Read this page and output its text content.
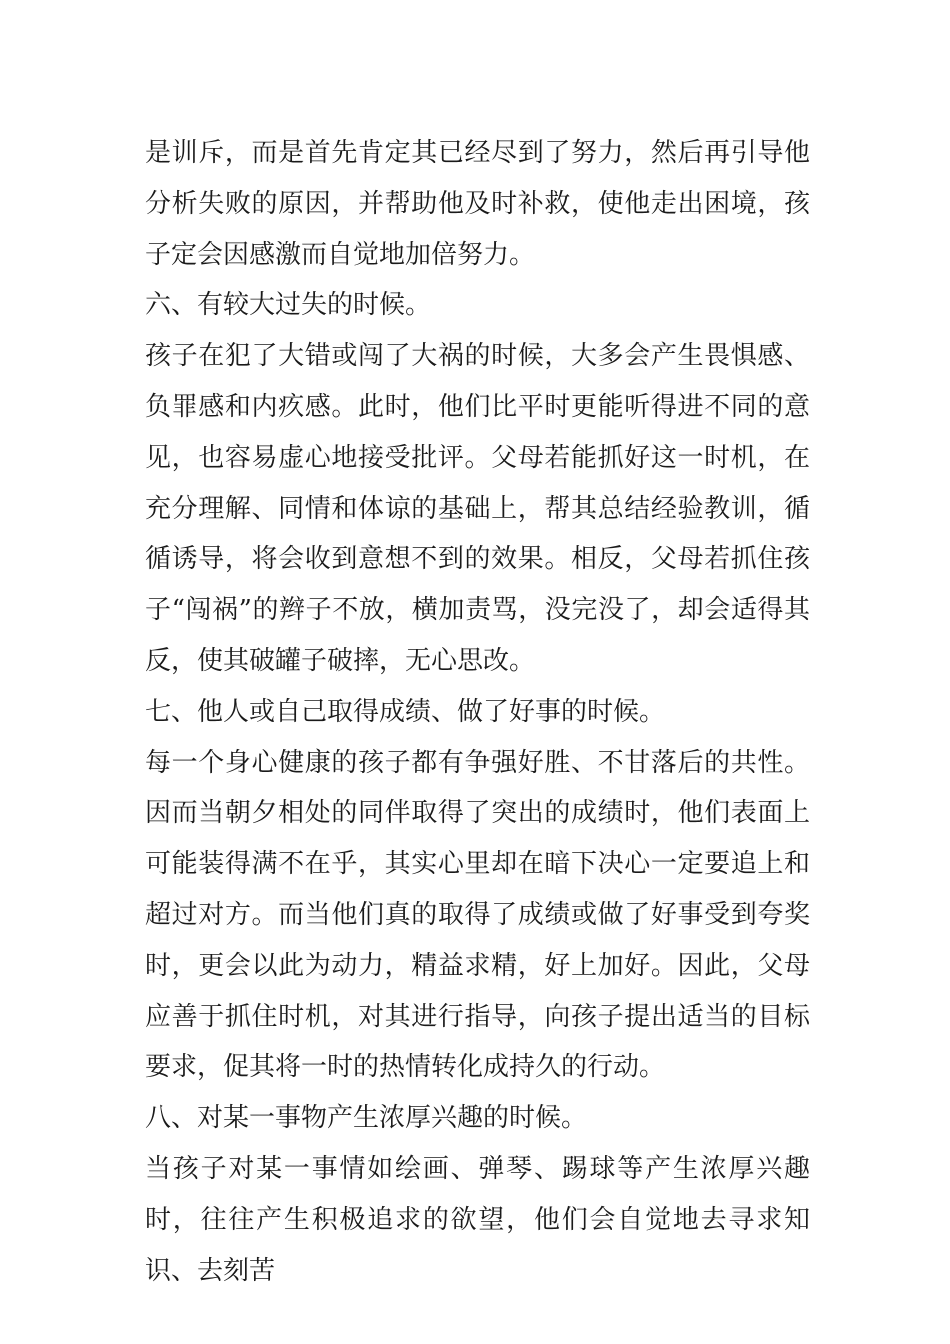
是训斥，而是首先肯定其已经尽到了努力，然后再引导他分析失败的原因，并帮助他及时补救，使他走出困境，孩子定会因感激而自觉地加倍努力。

六、有较大过失的时候。

孩子在犯了大错或闯了大祸的时候，大多会产生畏惧感、负罪感和内疚感。此时，他们比平时更能听得进不同的意见，也容易虚心地接受批评。父母若能抓好这一时机，在充分理解、同情和体谅的基础上，帮其总结经验教训，循循诱导，将会收到意想不到的效果。相反，父母若抓住孩子“闯祸”的辫子不放，横加责骂，没完没了，却会适得其反，使其破罐子破摔，无心思改。

七、他人或自己取得成绩、做了好事的时候。

每一个身心健康的孩子都有争强好胜、不甘落后的共性。因而当朝夕相处的同伴取得了突出的成绩时，他们表面上可能装得满不在乎，其实心里却在暗下决心一定要追上和超过对方。而当他们真的取得了成绩或做了好事受到夸奖时，更会以此为动力，精益求精，好上加好。因此，父母应善于抓住时机，对其进行指导，向孩子提出适当的目标要求，促其将一时的热情转化成持久的行动。

八、对某一事物产生浓厚兴趣的时候。

当孩子对某一事情如绘画、弹琴、踢球等产生浓厚兴趣时，往往产生积极追求的欲望，他们会自觉地去寻求知识、去刻苦
